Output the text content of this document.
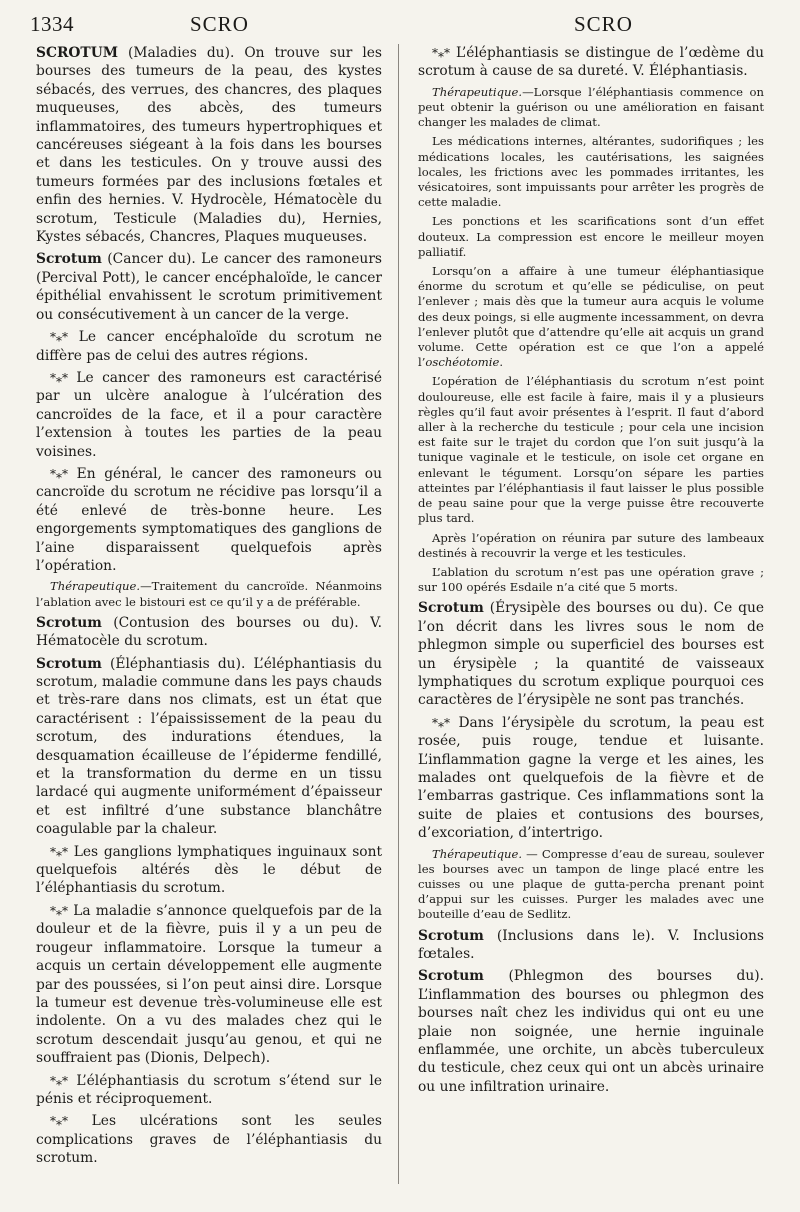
1334	SCRO	SCRO

SCROTUM (Maladies du). On trouve sur les bourses des tumeurs de la peau, des kystes sébacés, des verrues, des chancres, des plaques muqueuses, des abcès, des tumeurs inflammatoires, des tumeurs hypertrophiques et cancéreuses siégeant à la fois dans les bourses et dans les testicules. On y trouve aussi des tumeurs formées par des inclusions fœtales et enfin des hernies. V. Hydrocèle, Hématocèle du scrotum, Testicule (Maladies du), Hernies, Kystes sébacés, Chancres, Plaques muqueuses.

Scrotum (Cancer du). Le cancer des ramoneurs (Percival Pott), le cancer encéphaloïde, le cancer épithélial envahissent le scrotum primitivement ou consécutivement à un cancer de la verge.

*⁎* Le cancer encéphaloïde du scrotum ne diffère pas de celui des autres régions.

*⁎* Le cancer des ramoneurs est caractérisé par un ulcère analogue à l’ulcération des cancroïdes de la face, et il a pour caractère l’extension à toutes les parties de la peau voisines.

*⁎* En général, le cancer des ramoneurs ou cancroïde du scrotum ne récidive pas lorsqu’il a été enlevé de très-bonne heure. Les engorgements symptomatiques des ganglions de l’aine disparaissent quelquefois après l’opération.

Thérapeutique.—Traitement du cancroïde. Néanmoins l’ablation avec le bistouri est ce qu’il y a de préférable.

Scrotum (Contusion des bourses ou du). V. Hématocèle du scrotum.

Scrotum (Éléphantiasis du). L’éléphantiasis du scrotum, maladie commune dans les pays chauds et très-rare dans nos climats, est un état que caractérisent : l’épaississement de la peau du scrotum, des indurations étendues, la desquamation écailleuse de l’épiderme fendillé, et la transformation du derme en un tissu lardacé qui augmente uniformément d’épaisseur et est infiltré d’une substance blanchâtre coagulable par la chaleur.

*⁎* Les ganglions lymphatiques inguinaux sont quelquefois altérés dès le début de l’éléphantiasis du scrotum.

*⁎* La maladie s’annonce quelquefois par de la douleur et de la fièvre, puis il y a un peu de rougeur inflammatoire. Lorsque la tumeur a acquis un certain développement elle augmente par des poussées, si l’on peut ainsi dire. Lorsque la tumeur est devenue très-volumineuse elle est indolente. On a vu des malades chez qui le scrotum descendait jusqu’au genou, et qui ne souffraient pas (Dionis, Delpech).

*⁎* L’éléphantiasis du scrotum s’étend sur le pénis et réciproquement.

*⁎* Les ulcérations sont les seules complications graves de l’éléphantiasis du scrotum.

*⁎* L’éléphantiasis se distingue de l’œdème du scrotum à cause de sa dureté. V. Éléphantiasis.

Thérapeutique.—Lorsque l’éléphantiasis commence on peut obtenir la guérison ou une amélioration en faisant changer les malades de climat.

Les médications internes, altérantes, sudorifiques ; les médications locales, les cautérisations, les saignées locales, les frictions avec les pommades irritantes, les vésicatoires, sont impuissants pour arrêter les progrès de cette maladie.

Les ponctions et les scarifications sont d’un effet douteux. La compression est encore le meilleur moyen palliatif.

Lorsqu’on a affaire à une tumeur éléphantiasique énorme du scrotum et qu’elle se pédiculise, on peut l’enlever ; mais dès que la tumeur aura acquis le volume des deux poings, si elle augmente incessamment, on devra l’enlever plutôt que d’attendre qu’elle ait acquis un grand volume. Cette opération est ce que l’on a appelé l’oschéotomie.

L’opération de l’éléphantiasis du scrotum n’est point douloureuse, elle est facile à faire, mais il y a plusieurs règles qu’il faut avoir présentes à l’esprit. Il faut d’abord aller à la recherche du testicule ; pour cela une incision est faite sur le trajet du cordon que l’on suit jusqu’à la tunique vaginale et le testicule, on isole cet organe en enlevant le tégument. Lorsqu’on sépare les parties atteintes par l’éléphantiasis il faut laisser le plus possible de peau saine pour que la verge puisse être recouverte plus tard.

Après l’opération on réunira par suture des lambeaux destinés à recouvrir la verge et les testicules.

L’ablation du scrotum n’est pas une opération grave ; sur 100 opérés Esdaile n’a cité que 5 morts.

Scrotum (Érysipèle des bourses ou du). Ce que l’on décrit dans les livres sous le nom de phlegmon simple ou superficiel des bourses est un érysipèle ; la quantité de vaisseaux lymphatiques du scrotum explique pourquoi ces caractères de l’érysipèle ne sont pas tranchés.

*⁎* Dans l’érysipèle du scrotum, la peau est rosée, puis rouge, tendue et luisante. L’inflammation gagne la verge et les aines, les malades ont quelquefois de la fièvre et de l’embarras gastrique. Ces inflammations sont la suite de plaies et contusions des bourses, d’excoriation, d’intertrigo.

Thérapeutique. — Compresse d’eau de sureau, soulever les bourses avec un tampon de linge placé entre les cuisses ou une plaque de gutta-percha prenant point d’appui sur les cuisses. Purger les malades avec une bouteille d’eau de Sedlitz.

Scrotum (Inclusions dans le). V. Inclusions fœtales.

Scrotum (Phlegmon des bourses du). L’inflammation des bourses ou phlegmon des bourses naît chez les individus qui ont eu une plaie non soignée, une hernie inguinale enflammée, une orchite, un abcès tuberculeux du testicule, chez ceux qui ont un abcès urinaire ou une infiltration urinaire.
